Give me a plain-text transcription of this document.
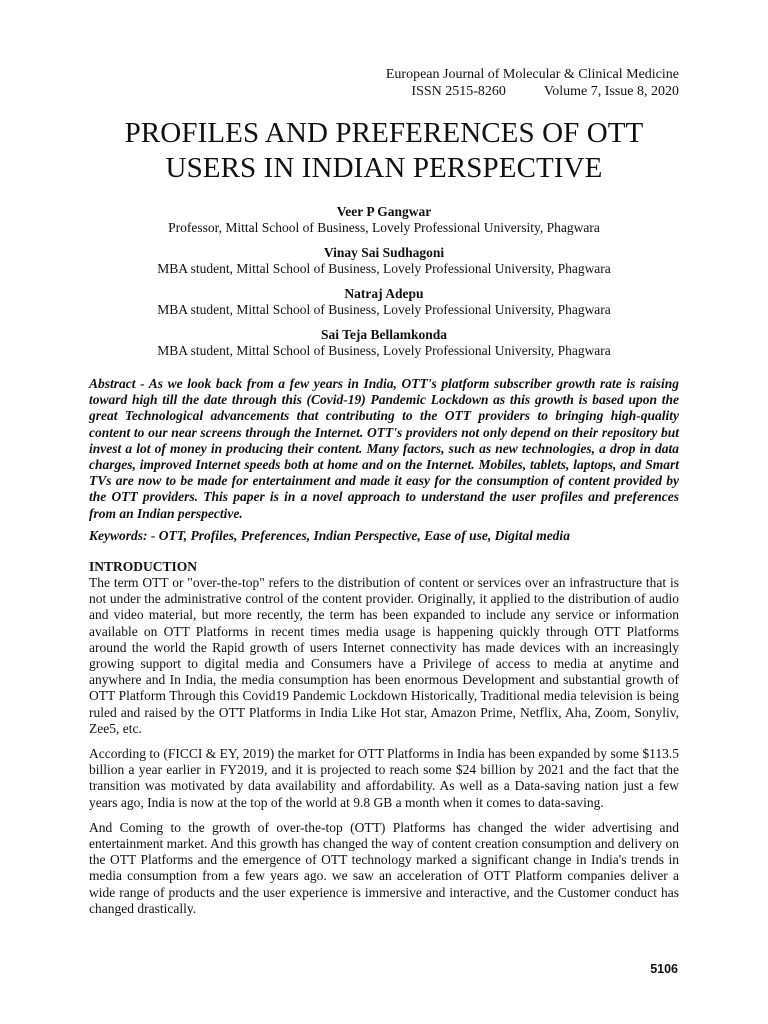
European Journal of Molecular & Clinical Medicine
ISSN 2515-8260	Volume 7, Issue 8, 2020
PROFILES AND PREFERENCES OF OTT
USERS IN INDIAN PERSPECTIVE
Veer P Gangwar
Professor, Mittal School of Business, Lovely Professional University, Phagwara
Vinay Sai Sudhagoni
MBA student, Mittal School of Business, Lovely Professional University, Phagwara
Natraj Adepu
MBA student, Mittal School of Business, Lovely Professional University, Phagwara
Sai Teja Bellamkonda
MBA student, Mittal School of Business, Lovely Professional University, Phagwara

Abstract - As we look back from a few years in India, OTT's platform subscriber growth rate is raising toward high till the date through this (Covid-19) Pandemic Lockdown as this growth is based upon the great Technological advancements that contributing to the OTT providers to bringing high-quality content to our near screens through the Internet. OTT's providers not only depend on their repository but invest a lot of money in producing their content. Many factors, such as new technologies, a drop in data charges, improved Internet speeds both at home and on the Internet. Mobiles, tablets, laptops, and Smart TVs are now to be made for entertainment and made it easy for the consumption of content provided by the OTT providers. This paper is in a novel approach to understand the user profiles and preferences from an Indian perspective.

Keywords: - OTT, Profiles, Preferences, Indian Perspective, Ease of use, Digital media

INTRODUCTION

The term OTT or "over-the-top" refers to the distribution of content or services over an infrastructure that is not under the administrative control of the content provider. Originally, it applied to the distribution of audio and video material, but more recently, the term has been expanded to include any service or information available on OTT Platforms in recent times media usage is happening quickly through OTT Platforms around the world the Rapid growth of users Internet connectivity has made devices with an increasingly growing support to digital media and Consumers have a Privilege of access to media at anytime and anywhere and In India, the media consumption has been enormous Development and substantial growth of OTT Platform Through this Covid19 Pandemic Lockdown Historically, Traditional media television is being ruled and raised by the OTT Platforms in India Like Hot star, Amazon Prime, Netflix, Aha, Zoom, Sonyliv, Zee5, etc.

According to (FICCI & EY, 2019) the market for OTT Platforms in India has been expanded by some $113.5 billion a year earlier in FY2019, and it is projected to reach some $24 billion by 2021 and the fact that the transition was motivated by data availability and affordability. As well as a Data-saving nation just a few years ago, India is now at the top of the world at 9.8 GB a month when it comes to data-saving.

And Coming to the growth of over-the-top (OTT) Platforms has changed the wider advertising and entertainment market. And this growth has changed the way of content creation consumption and delivery on the OTT Platforms and the emergence of OTT technology marked a significant change in India's trends in media consumption from a few years ago. we saw an acceleration of OTT Platform companies deliver a wide range of products and the user experience is immersive and interactive, and the Customer conduct has changed drastically.

5106
